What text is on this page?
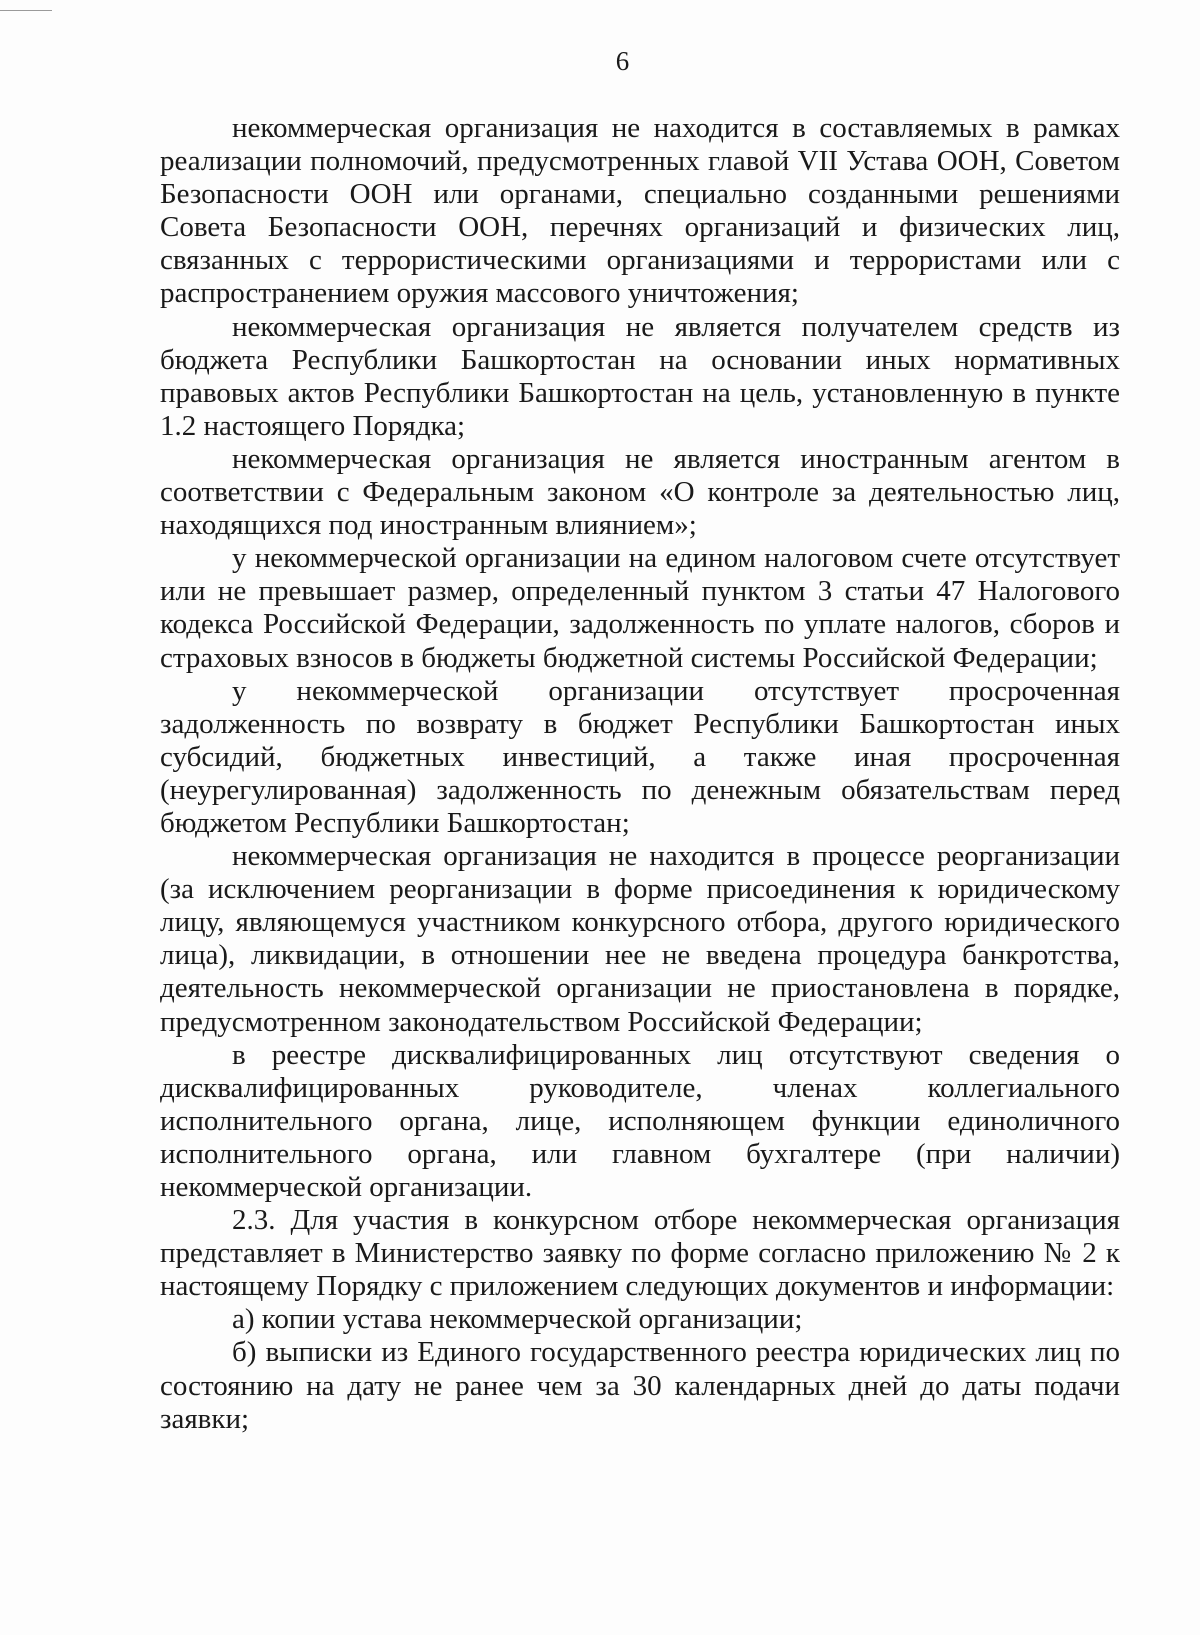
6

некоммерческая организация не находится в составляемых в рамках реализации полномочий, предусмотренных главой VII Устава ООН, Советом Безопасности ООН или органами, специально созданными решениями Совета Безопасности ООН, перечнях организаций и физических лиц, связанных с террористическими организациями и террористами или с распространением оружия массового уничтожения;

некоммерческая организация не является получателем средств из бюджета Республики Башкортостан на основании иных нормативных правовых актов Республики Башкортостан на цель, установленную в пункте 1.2 настоящего Порядка;

некоммерческая организация не является иностранным агентом в соответствии с Федеральным законом «О контроле за деятельностью лиц, находящихся под иностранным влиянием»;

у некоммерческой организации на едином налоговом счете отсутствует или не превышает размер, определенный пунктом 3 статьи 47 Налогового кодекса Российской Федерации, задолженность по уплате налогов, сборов и страховых взносов в бюджеты бюджетной системы Российской Федерации;

у некоммерческой организации отсутствует просроченная задолженность по возврату в бюджет Республики Башкортостан иных субсидий, бюджетных инвестиций, а также иная просроченная (неурегулированная) задолженность по денежным обязательствам перед бюджетом Республики Башкортостан;

некоммерческая организация не находится в процессе реорганизации (за исключением реорганизации в форме присоединения к юридическому лицу, являющемуся участником конкурсного отбора, другого юридического лица), ликвидации, в отношении нее не введена процедура банкротства, деятельность некоммерческой организации не приостановлена в порядке, предусмотренном законодательством Российской Федерации;

в реестре дисквалифицированных лиц отсутствуют сведения о дисквалифицированных руководителе, членах коллегиального исполнительного органа, лице, исполняющем функции единоличного исполнительного органа, или главном бухгалтере (при наличии) некоммерческой организации.

2.3. Для участия в конкурсном отборе некоммерческая организация представляет в Министерство заявку по форме согласно приложению № 2 к настоящему Порядку с приложением следующих документов и информации:

а) копии устава некоммерческой организации;

б) выписки из Единого государственного реестра юридических лиц по состоянию на дату не ранее чем за 30 календарных дней до даты подачи заявки;
